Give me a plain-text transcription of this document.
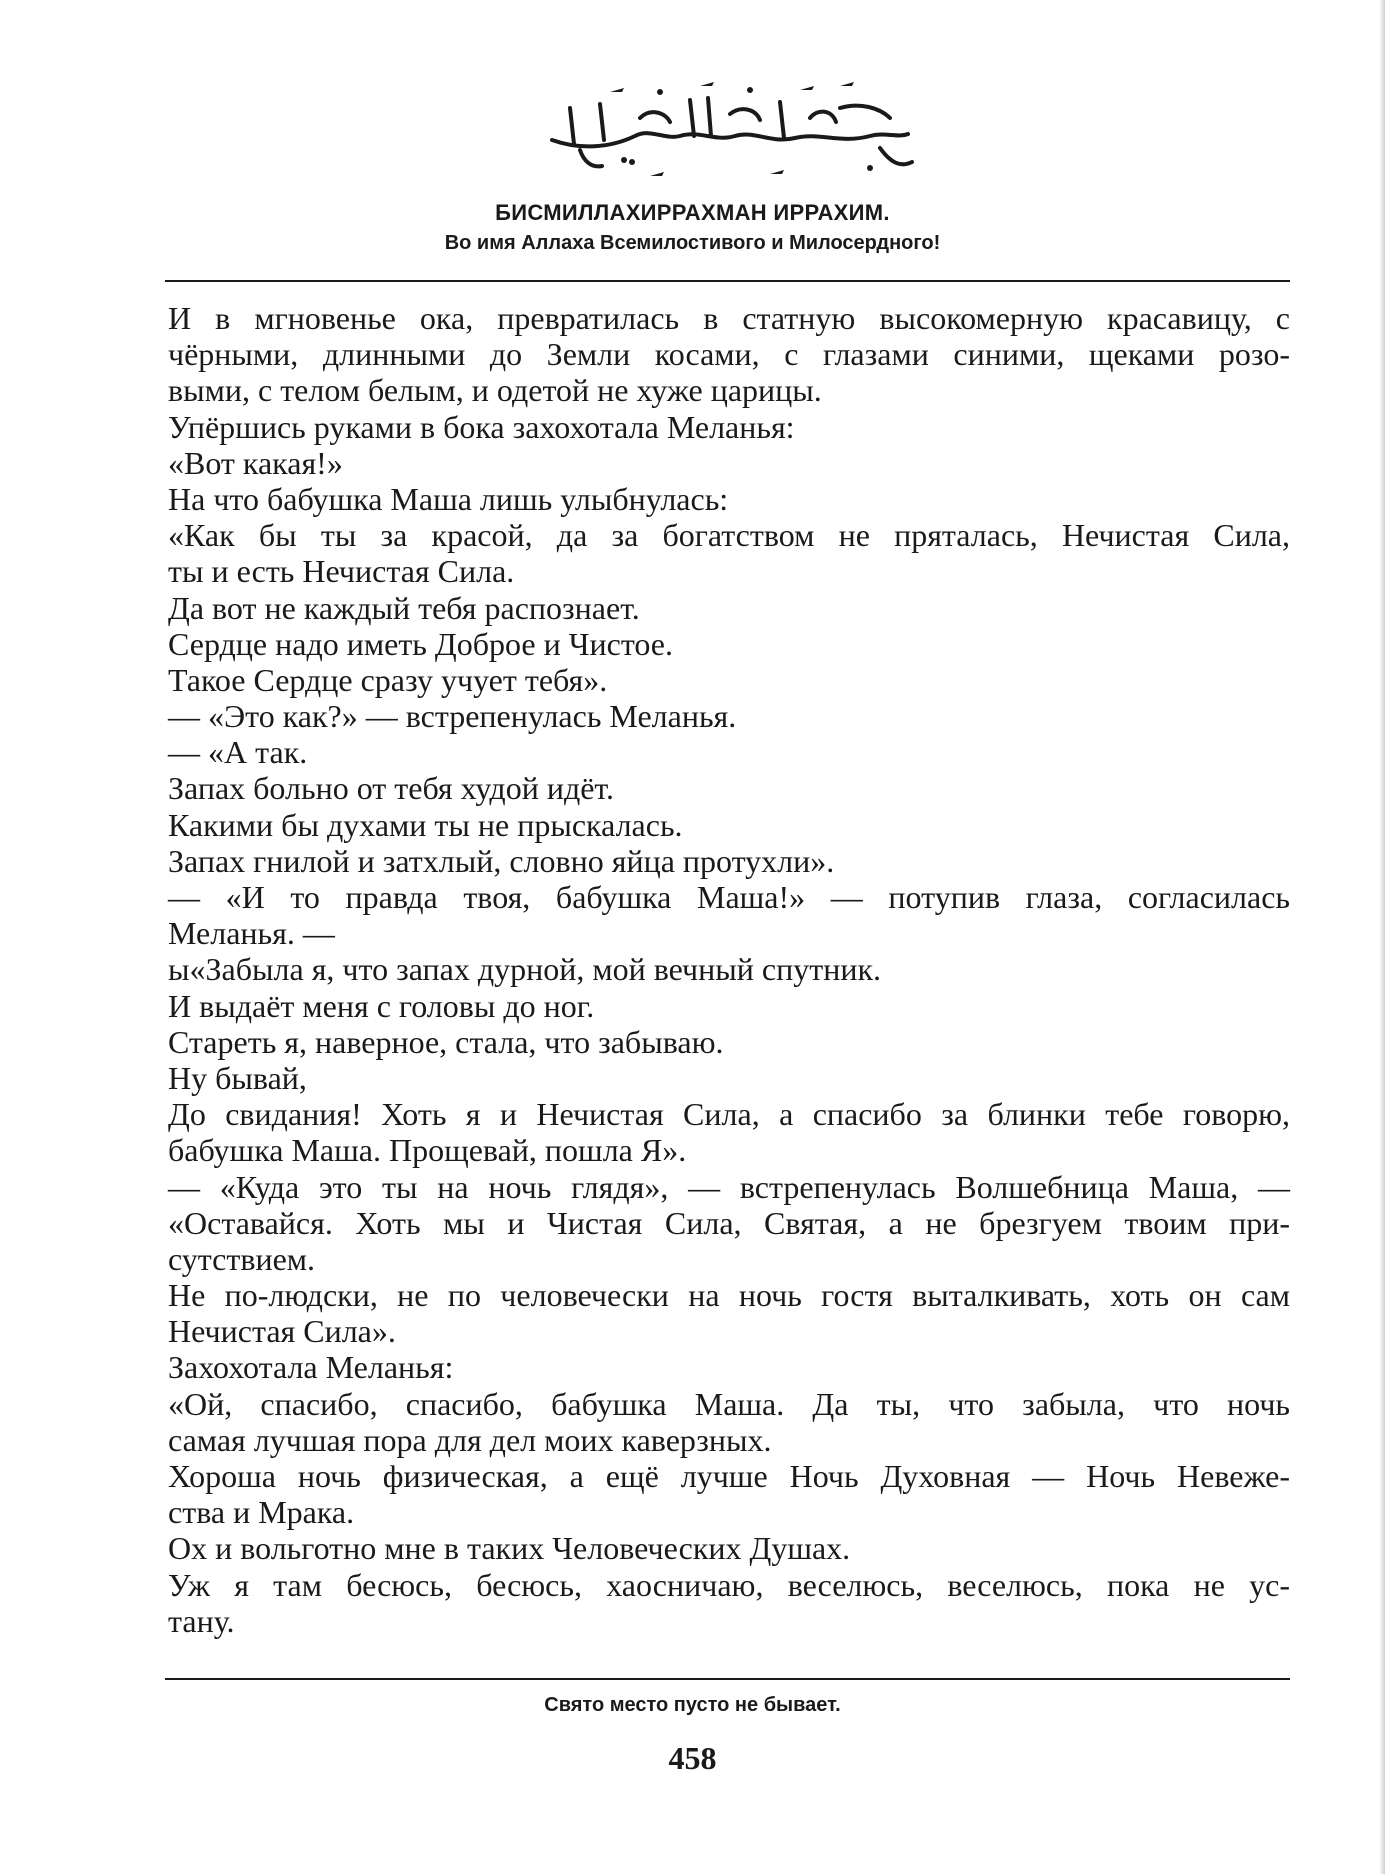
БИСМИЛЛАХИРРАХМАН ИРРАХИМ.
Во имя Аллаха Всемилостивого и Милосердного!
И в мгновенье ока, превратилась в статную высокомерную красавицу, с
чёрными, длинными до Земли косами, с глазами синими, щеками розо-
выми, с телом белым, и одетой не хуже царицы.
Упёршись руками в бока захохотала Меланья:
«Вот какая!»
На что бабушка Маша лишь улыбнулась:
«Как бы ты за красой, да за богатством не пряталась, Нечистая Сила,
ты и есть Нечистая Сила.
Да вот не каждый тебя распознает.
Сердце надо иметь Доброе и Чистое.
Такое Сердце сразу учует тебя».
— «Это как?» — встрепенулась Меланья.
— «А так.
Запах больно от тебя худой идёт.
Какими бы духами ты не прыскалась.
Запах гнилой и затхлый, словно яйца протухли».
— «И то правда твоя, бабушка Маша!» — потупив глаза, согласилась
Меланья. —
ы«Забыла я, что запах дурной, мой вечный спутник.
И выдаёт меня с головы до ног.
Стареть я, наверное, стала, что забываю.
Ну бывай,
До свидания! Хоть я и Нечистая Сила, а спасибо за блинки тебе говорю,
бабушка Маша. Прощевай, пошла Я».
— «Куда это ты на ночь глядя», — встрепенулась Волшебница Маша, —
«Оставайся. Хоть мы и Чистая Сила, Святая, а не брезгуем твоим при-
сутствием.
Не по-людски, не по человечески на ночь гостя выталкивать, хоть он сам
Нечистая Сила».
Захохотала Меланья:
«Ой, спасибо, спасибо, бабушка Маша. Да ты, что забыла, что ночь
самая лучшая пора для дел моих каверзных.
Хороша ночь физическая, а ещё лучше Ночь Духовная — Ночь Невеже-
ства и Мрака.
Ох и вольготно мне в таких Человеческих Душах.
Уж я там бесюсь, бесюсь, хаосничаю, веселюсь, веселюсь, пока не ус-
тану.
Свято место пусто не бывает.
458
